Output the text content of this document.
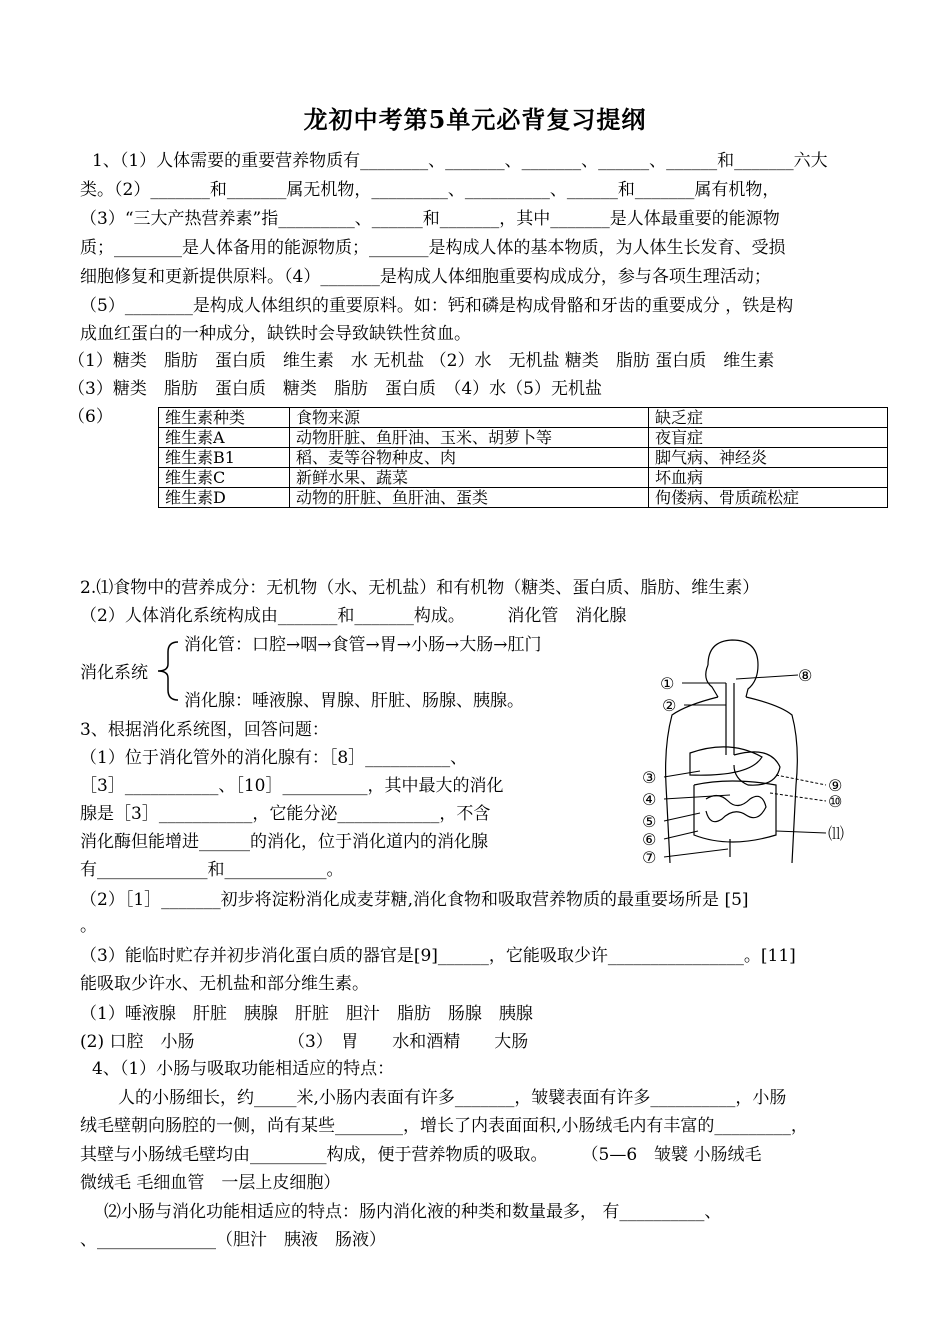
龙初中考第5单元必背复习提纲
1、（1）人体需要的重要营养物质有________、_______、_______、______、______和_______六大
类。（2）_______和_______属无机物，_________、__________、______和_______属有机物，
（3）“三大产热营养素”指_________、______和_______，其中_______是人体最重要的能源物
质；________是人体备用的能源物质；_______是构成人体的基本物质，为人体生长发育、受损
细胞修复和更新提供原料。（4）_______是构成人体细胞重要构成成分，参与各项生理活动；
（5）________是构成人体组织的重要原料。如：钙和磷是构成骨骼和牙齿的重要成分 ，铁是构
成血红蛋白的一种成分，缺铁时会导致缺铁性贫血。
（1）糖类　脂肪　蛋白质　维生素　水 无机盐 （2）水　无机盐 糖类　脂肪 蛋白质　维生素
（3）糖类　脂肪　蛋白质　糖类　脂肪　蛋白质　（4）水（5）无机盐
（6）	维生素种类	食物来源	缺乏症
维生素A	动物肝脏、鱼肝油、玉米、胡萝卜等	夜盲症
维生素B1	稻、麦等谷物种皮、肉	脚气病、神经炎
维生素C	新鲜水果、蔬菜	坏血病
维生素D	动物的肝脏、鱼肝油、蛋类	佝偻病、骨质疏松症
2.⑴食物中的营养成分：无机物（水、无机盐）和有机物（糖类、蛋白质、脂肪、维生素）
（2）人体消化系统构成由_______和_______构成。　　　消化管　消化腺
消化系统
消化管：口腔→咽→食管→胃→小肠→大肠→肛门
消化腺：唾液腺、胃腺、肝脏、肠腺、胰腺。
3、根据消化系统图，回答问题：
（1）位于消化管外的消化腺有：［8］__________、
［3］___________、［10］__________，其中最大的消化
腺是［3］___________，它能分泌____________，不含
消化酶但能增进______的消化，位于消化道内的消化腺
有_____________和____________。
（2）［1］_______初步将淀粉消化成麦芽糖,消化食物和吸取营养物质的最重要场所是 [5]
。
（3）能临时贮存并初步消化蛋白质的器官是[9]______，它能吸取少许________________。[11]
能吸取少许水、无机盐和部分维生素。
（1）唾液腺　肝脏　胰腺　肝脏　胆汁　脂肪　肠腺　胰腺
(2) 口腔　小肠　　　　　　（3）　胃　　水和酒精　　大肠
①
②
③
④
⑤
⑥
⑦
⑧
⑨
⑩
⑾
4、（1）小肠与吸取功能相适应的特点：
人的小肠细长，约_____米,小肠内表面有许多_______，皱襞表面有许多__________，小肠
绒毛壁朝向肠腔的一侧，尚有某些________，增长了内表面面积,小肠绒毛内有丰富的_________，
其壁与小肠绒毛壁均由_________构成，便于营养物质的吸取。　　　（5—6　皱襞 小肠绒毛
微绒毛 毛细血管　一层上皮细胞）
⑵小肠与消化功能相适应的特点：肠内消化液的种类和数量最多， 有__________、
、______________（胆汁　胰液　肠液）
